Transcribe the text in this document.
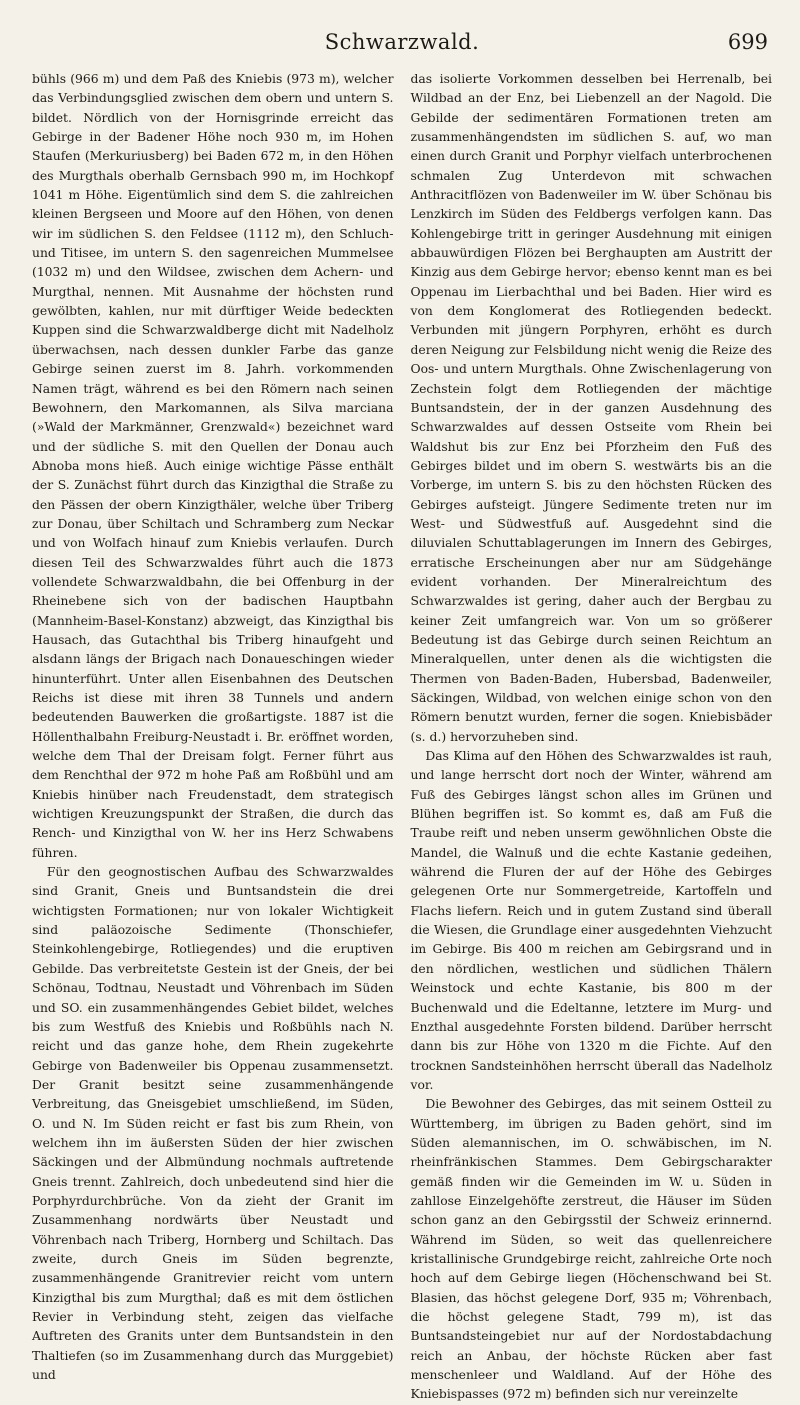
Schwarzwald.	699

bühls (966 m) und dem Paß des Kniebis (973 m), welcher das Verbindungsglied zwischen dem obern und untern S. bildet. Nördlich von der Hornisgrinde erreicht das Gebirge in der Badener Höhe noch 930 m, im Hohen Staufen (Merkuriusberg) bei Baden 672 m, in den Höhen des Murgthals oberhalb Gernsbach 990 m, im Hochkopf 1041 m Höhe. Eigentümlich sind dem S. die zahlreichen kleinen Bergseen und Moore auf den Höhen, von denen wir im südlichen S. den Feldsee (1112 m), den Schluch- und Titisee, im untern S. den sagenreichen Mummelsee (1032 m) und den Wildsee, zwischen dem Achern- und Murgthal, nennen. Mit Ausnahme der höchsten rund gewölbten, kahlen, nur mit dürftiger Weide bedeckten Kuppen sind die Schwarzwaldberge dicht mit Nadelholz überwachsen, nach dessen dunkler Farbe das ganze Gebirge seinen zuerst im 8. Jahrh. vorkommenden Namen trägt, während es bei den Römern nach seinen Bewohnern, den Markomannen, als Silva marciana (»Wald der Markmänner, Grenzwald«) bezeichnet ward und der südliche S. mit den Quellen der Donau auch Abnoba mons hieß. Auch einige wichtige Pässe enthält der S. Zunächst führt durch das Kinzigthal die Straße zu den Pässen der obern Kinzigthäler, welche über Triberg zur Donau, über Schiltach und Schramberg zum Neckar und von Wolfach hinauf zum Kniebis verlaufen. Durch diesen Teil des Schwarzwaldes führt auch die 1873 vollendete Schwarzwaldbahn, die bei Offenburg in der Rheinebene sich von der badischen Hauptbahn (Mannheim-Basel-Konstanz) abzweigt, das Kinzigthal bis Hausach, das Gutachthal bis Triberg hinaufgeht und alsdann längs der Brigach nach Donaueschingen wieder hinunterführt. Unter allen Eisenbahnen des Deutschen Reichs ist diese mit ihren 38 Tunnels und andern bedeutenden Bauwerken die großartigste. 1887 ist die Höllenthalbahn Freiburg-Neustadt i. Br. eröffnet worden, welche dem Thal der Dreisam folgt. Ferner führt aus dem Renchthal der 972 m hohe Paß am Roßbühl und am Kniebis hinüber nach Freudenstadt, dem strategisch wichtigen Kreuzungspunkt der Straßen, die durch das Rench- und Kinzigthal von W. her ins Herz Schwabens führen.

Für den geognostischen Aufbau des Schwarzwaldes sind Granit, Gneis und Buntsandstein die drei wichtigsten Formationen; nur von lokaler Wichtigkeit sind paläozoische Sedimente (Thonschiefer, Steinkohlengebirge, Rotliegendes) und die eruptiven Gebilde. Das verbreitetste Gestein ist der Gneis, der bei Schönau, Todtnau, Neustadt und Vöhrenbach im Süden und SO. ein zusammenhängendes Gebiet bildet, welches bis zum Westfuß des Kniebis und Roßbühls nach N. reicht und das ganze hohe, dem Rhein zugekehrte Gebirge von Badenweiler bis Oppenau zusammensetzt. Der Granit besitzt seine zusammenhängende Verbreitung, das Gneisgebiet umschließend, im Süden, O. und N. Im Süden reicht er fast bis zum Rhein, von welchem ihn im äußersten Süden der hier zwischen Säckingen und der Albmündung nochmals auftretende Gneis trennt. Zahlreich, doch unbedeutend sind hier die Porphyrdurchbrüche. Von da zieht der Granit im Zusammenhang nordwärts über Neustadt und Vöhrenbach nach Triberg, Hornberg und Schiltach. Das zweite, durch Gneis im Süden begrenzte, zusammenhängende Granitrevier reicht vom untern Kinzigthal bis zum Murgthal; daß es mit dem östlichen Revier in Verbindung steht, zeigen das vielfache Auftreten des Granits unter dem Buntsandstein in den Thaltiefen (so im Zusammenhang durch das Murggebiet) und

das isolierte Vorkommen desselben bei Herrenalb, bei Wildbad an der Enz, bei Liebenzell an der Nagold. Die Gebilde der sedimentären Formationen treten am zusammenhängendsten im südlichen S. auf, wo man einen durch Granit und Porphyr vielfach unterbrochenen schmalen Zug Unterdevon mit schwachen Anthracitflözen von Badenweiler im W. über Schönau bis Lenzkirch im Süden des Feldbergs verfolgen kann. Das Kohlengebirge tritt in geringer Ausdehnung mit einigen abbauwürdigen Flözen bei Berghaupten am Austritt der Kinzig aus dem Gebirge hervor; ebenso kennt man es bei Oppenau im Lierbachthal und bei Baden. Hier wird es von dem Konglomerat des Rotliegenden bedeckt. Verbunden mit jüngern Porphyren, erhöht es durch deren Neigung zur Felsbildung nicht wenig die Reize des Oos- und untern Murgthals. Ohne Zwischenlagerung von Zechstein folgt dem Rotliegenden der mächtige Buntsandstein, der in der ganzen Ausdehnung des Schwarzwaldes auf dessen Ostseite vom Rhein bei Waldshut bis zur Enz bei Pforzheim den Fuß des Gebirges bildet und im obern S. westwärts bis an die Vorberge, im untern S. bis zu den höchsten Rücken des Gebirges aufsteigt. Jüngere Sedimente treten nur im West- und Südwestfuß auf. Ausgedehnt sind die diluvialen Schuttablagerungen im Innern des Gebirges, erratische Erscheinungen aber nur am Südgehänge evident vorhanden. Der Mineralreichtum des Schwarzwaldes ist gering, daher auch der Bergbau zu keiner Zeit umfangreich war. Von um so größerer Bedeutung ist das Gebirge durch seinen Reichtum an Mineralquellen, unter denen als die wichtigsten die Thermen von Baden-Baden, Hubersbad, Badenweiler, Säckingen, Wildbad, von welchen einige schon von den Römern benutzt wurden, ferner die sogen. Kniebisbäder (s. d.) hervorzuheben sind.

Das Klima auf den Höhen des Schwarzwaldes ist rauh, und lange herrscht dort noch der Winter, während am Fuß des Gebirges längst schon alles im Grünen und Blühen begriffen ist. So kommt es, daß am Fuß die Traube reift und neben unserm gewöhnlichen Obste die Mandel, die Walnuß und die echte Kastanie gedeihen, während die Fluren der auf der Höhe des Gebirges gelegenen Orte nur Sommergetreide, Kartoffeln und Flachs liefern. Reich und in gutem Zustand sind überall die Wiesen, die Grundlage einer ausgedehnten Viehzucht im Gebirge. Bis 400 m reichen am Gebirgsrand und in den nördlichen, westlichen und südlichen Thälern Weinstock und echte Kastanie, bis 800 m der Buchenwald und die Edeltanne, letztere im Murg- und Enzthal ausgedehnte Forsten bildend. Darüber herrscht dann bis zur Höhe von 1320 m die Fichte. Auf den trocknen Sandsteinhöhen herrscht überall das Nadelholz vor.

Die Bewohner des Gebirges, das mit seinem Ostteil zu Württemberg, im übrigen zu Baden gehört, sind im Süden alemannischen, im O. schwäbischen, im N. rheinfränkischen Stammes. Dem Gebirgscharakter gemäß finden wir die Gemeinden im W. u. Süden in zahllose Einzelgehöfte zerstreut, die Häuser im Süden schon ganz an den Gebirgsstil der Schweiz erinnernd. Während im Süden, so weit das quellenreichere kristallinische Grundgebirge reicht, zahlreiche Orte noch hoch auf dem Gebirge liegen (Höchenschwand bei St. Blasien, das höchst gelegene Dorf, 935 m; Vöhrenbach, die höchst gelegene Stadt, 799 m), ist das Buntsandsteingebiet nur auf der Nordostabdachung reich an Anbau, der höchste Rücken aber fast menschenleer und Waldland. Auf der Höhe des Kniebispasses (972 m) befinden sich nur vereinzelte
